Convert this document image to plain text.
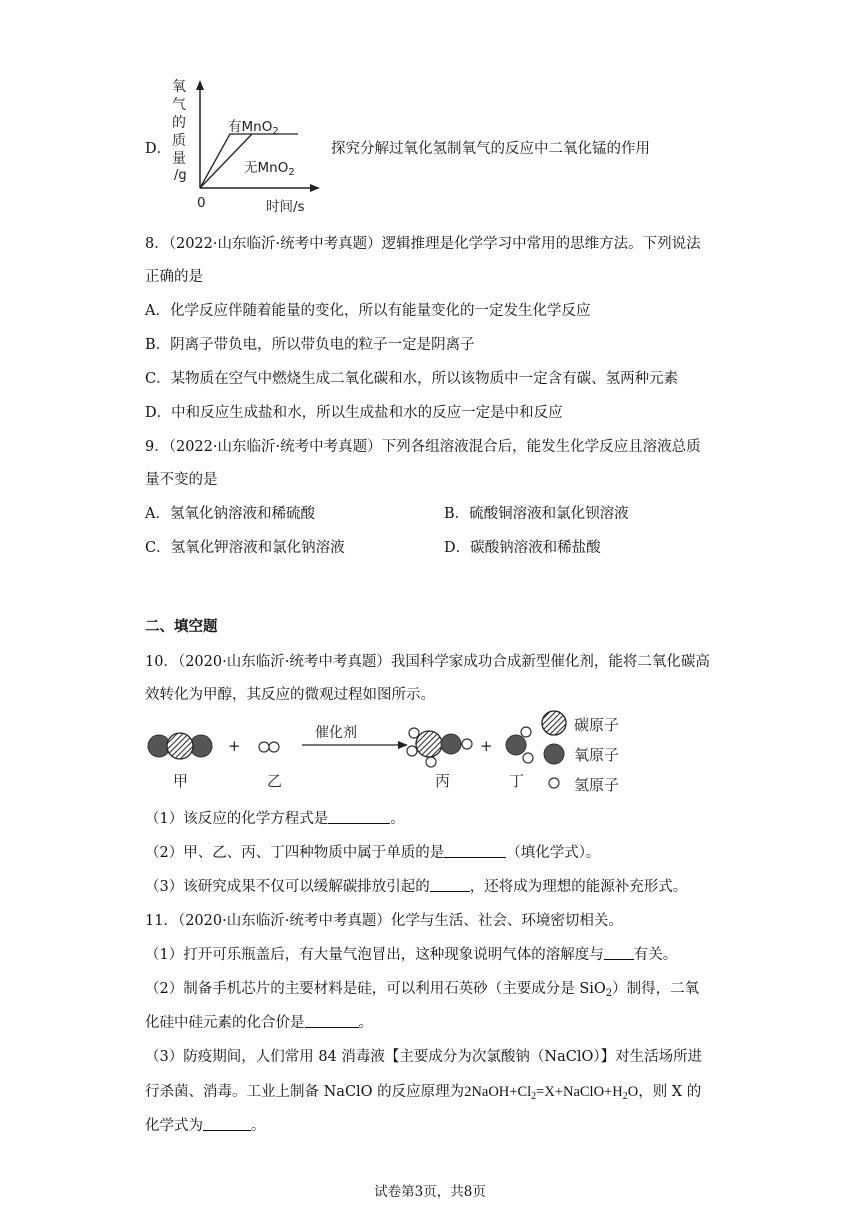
D．
氧
气
的
质
量
/g
有MnO$_2$
无MnO$_2$
0	时间/s
探究分解过氧化氢制氧气的反应中二氧化锰的作用
8．（2022·山东临沂·统考中考真题）逻辑推理是化学学习中常用的思维方法。下列说法
正确的是
A．化学反应伴随着能量的变化，所以有能量变化的一定发生化学反应
B．阴离子带负电，所以带负电的粒子一定是阴离子
C．某物质在空气中燃烧生成二氧化碳和水，所以该物质中一定含有碳、氢两种元素
D．中和反应生成盐和水，所以生成盐和水的反应一定是中和反应
9．（2022·山东临沂·统考中考真题）下列各组溶液混合后，能发生化学反应且溶液总质
量不变的是
A．氢氧化钠溶液和稀硫酸	B．硫酸铜溶液和氯化钡溶液
C．氢氧化钾溶液和氯化钠溶液	D．碳酸钠溶液和稀盐酸
二、填空题
10．（2020·山东临沂·统考中考真题）我国科学家成功合成新型催化剂，能将二氧化碳高
效转化为甲醇，其反应的微观过程如图所示。
+	+
催化剂
甲	乙	丙	丁
碳原子
氧原子
氢原子
（1）该反应的化学方程式是	。
（2）甲、乙、丙、丁四种物质中属于单质的是	（填化学式）。
（3）该研究成果不仅可以缓解碳排放引起的	，还将成为理想的能源补充形式。
11．（2020·山东临沂·统考中考真题）化学与生活、社会、环境密切相关。
（1）打开可乐瓶盖后，有大量气泡冒出，这种现象说明气体的溶解度与 有关。
（2）制备手机芯片的主要材料是硅，可以利用石英砂（主要成分是 SiO$_2$）制得，二氧
化硅中硅元素的化合价是	。
（3）防疫期间，人们常用 84 消毒液【主要成分为次氯酸钠（NaClO）】对生活场所进
行杀菌、消毒。工业上制备 NaClO 的反应原理为$2NaOH+Cl_2=X+NaClO+H_2O$，则 X 的
化学式为	。
试卷第3页，共8页
